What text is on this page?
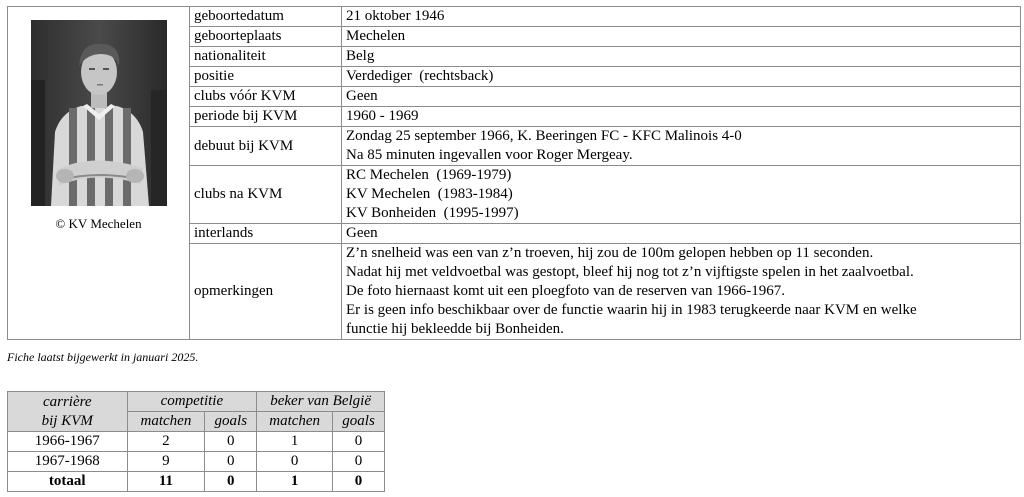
© KV Mechelen	geboortedatum	21 oktober 1946
	geboorteplaats	Mechelen
	nationaliteit	Belg
	positie	Verdediger  (rechtsback)
	clubs vóór KVM	Geen
	periode bij KVM	1960 - 1969
	debuut bij KVM	Zondag 25 september 1966, K. Beeringen FC - KFC Malinois 4-0
Na 85 minuten ingevallen voor Roger Mergeay.

	clubs na KVM	RC Mechelen  (1969-1979)
KV Mechelen  (1983-1984)
KV Bonheiden  (1995-1997)

	interlands	Geen
	opmerkingen	Z’n snelheid was een van z’n troeven, hij zou de 100m gelopen hebben op 11 seconden.
Nadat hij met veldvoetbal was gestopt, bleef hij nog tot z’n vijftigste spelen in het zaalvoetbal.
De foto hiernaast komt uit een ploegfoto van de reserven van 1966-1967.
Er is geen info beschikbaar over de functie waarin hij in 1983 terugkeerde naar KVM en welke
functie hij bekleedde bij Bonheiden.
Fiche laatst bijgewerkt in januari 2025.
carrière
bij KVM	competitie		beker van België	
	matchen	goals	matchen	goals
1966-1967	2	0	1	0
1967-1968	9	0	0	0
totaal	11	0	1	0
